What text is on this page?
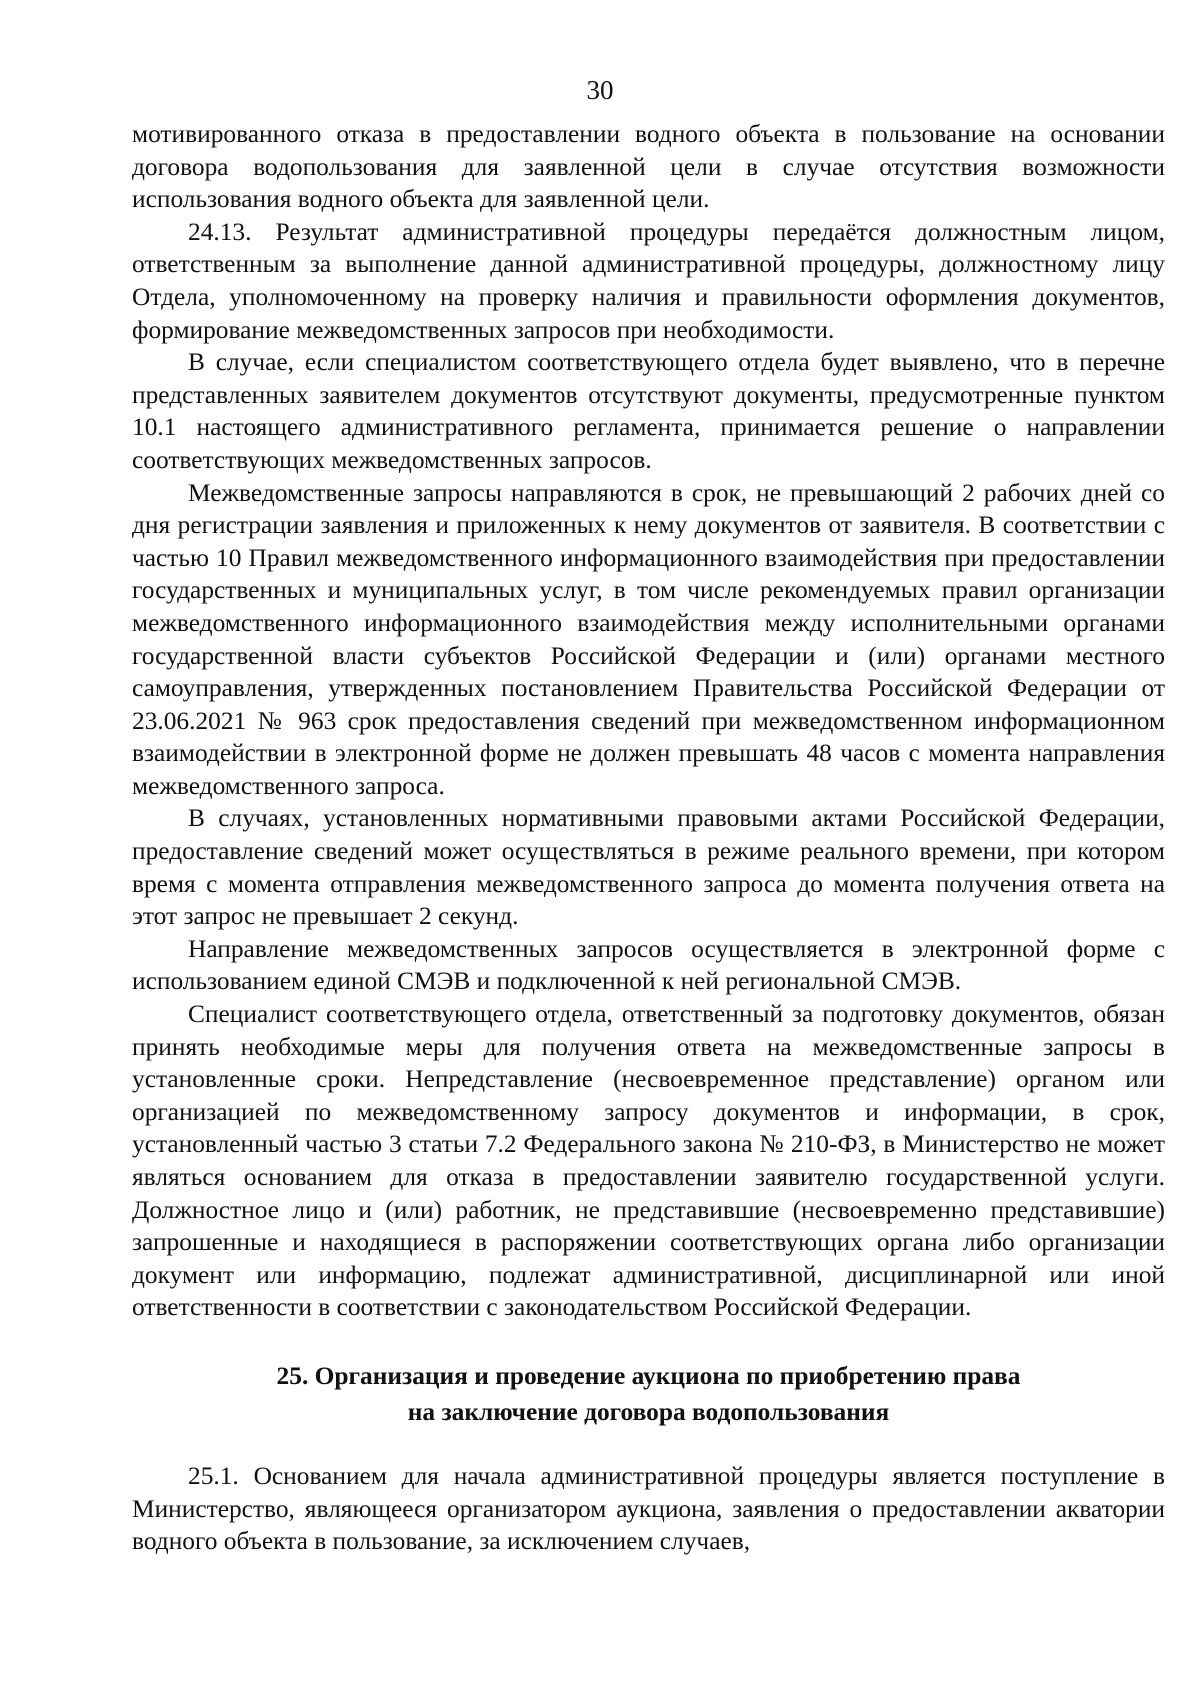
30

мотивированного отказа в предоставлении водного объекта в пользование на основании договора водопользования для заявленной цели в случае отсутствия возможности использования водного объекта для заявленной цели.

24.13. Результат административной процедуры передаётся должностным лицом, ответственным за выполнение данной административной процедуры, должностному лицу Отдела, уполномоченному на проверку наличия и правильности оформления документов, формирование межведомственных запросов при необходимости.

В случае, если специалистом соответствующего отдела будет выявлено, что в перечне представленных заявителем документов отсутствуют документы, предусмотренные пунктом 10.1 настоящего административного регламента, принимается решение о направлении соответствующих межведомственных запросов.

Межведомственные запросы направляются в срок, не превышающий 2 рабочих дней со дня регистрации заявления и приложенных к нему документов от заявителя. В соответствии с частью 10 Правил межведомственного информационного взаимодействия при предоставлении государственных и муниципальных услуг, в том числе рекомендуемых правил организации межведомственного информационного взаимодействия между исполнительными органами государственной власти субъектов Российской Федерации и (или) органами местного самоуправления, утвержденных постановлением Правительства Российской Федерации от 23.06.2021 № 963 срок предоставления сведений при межведомственном информационном взаимодействии в электронной форме не должен превышать 48 часов с момента направления межведомственного запроса.

В случаях, установленных нормативными правовыми актами Российской Федерации, предоставление сведений может осуществляться в режиме реального времени, при котором время с момента отправления межведомственного запроса до момента получения ответа на этот запрос не превышает 2 секунд.

Направление межведомственных запросов осуществляется в электронной форме с использованием единой СМЭВ и подключенной к ней региональной СМЭВ.

Специалист соответствующего отдела, ответственный за подготовку документов, обязан принять необходимые меры для получения ответа на межведомственные запросы в установленные сроки. Непредставление (несвоевременное представление) органом или организацией по межведомственному запросу документов и информации, в срок, установленный частью 3 статьи 7.2 Федерального закона № 210-ФЗ, в Министерство не может являться основанием для отказа в предоставлении заявителю государственной услуги. Должностное лицо и (или) работник, не представившие (несвоевременно представившие) запрошенные и находящиеся в распоряжении соответствующих органа либо организации документ или информацию, подлежат административной, дисциплинарной или иной ответственности в соответствии с законодательством Российской Федерации.

25. Организация и проведение аукциона по приобретению права
на заключение договора водопользования

25.1. Основанием для начала административной процедуры является поступление в Министерство, являющееся организатором аукциона, заявления о предоставлении акватории водного объекта в пользование, за исключением случаев,
